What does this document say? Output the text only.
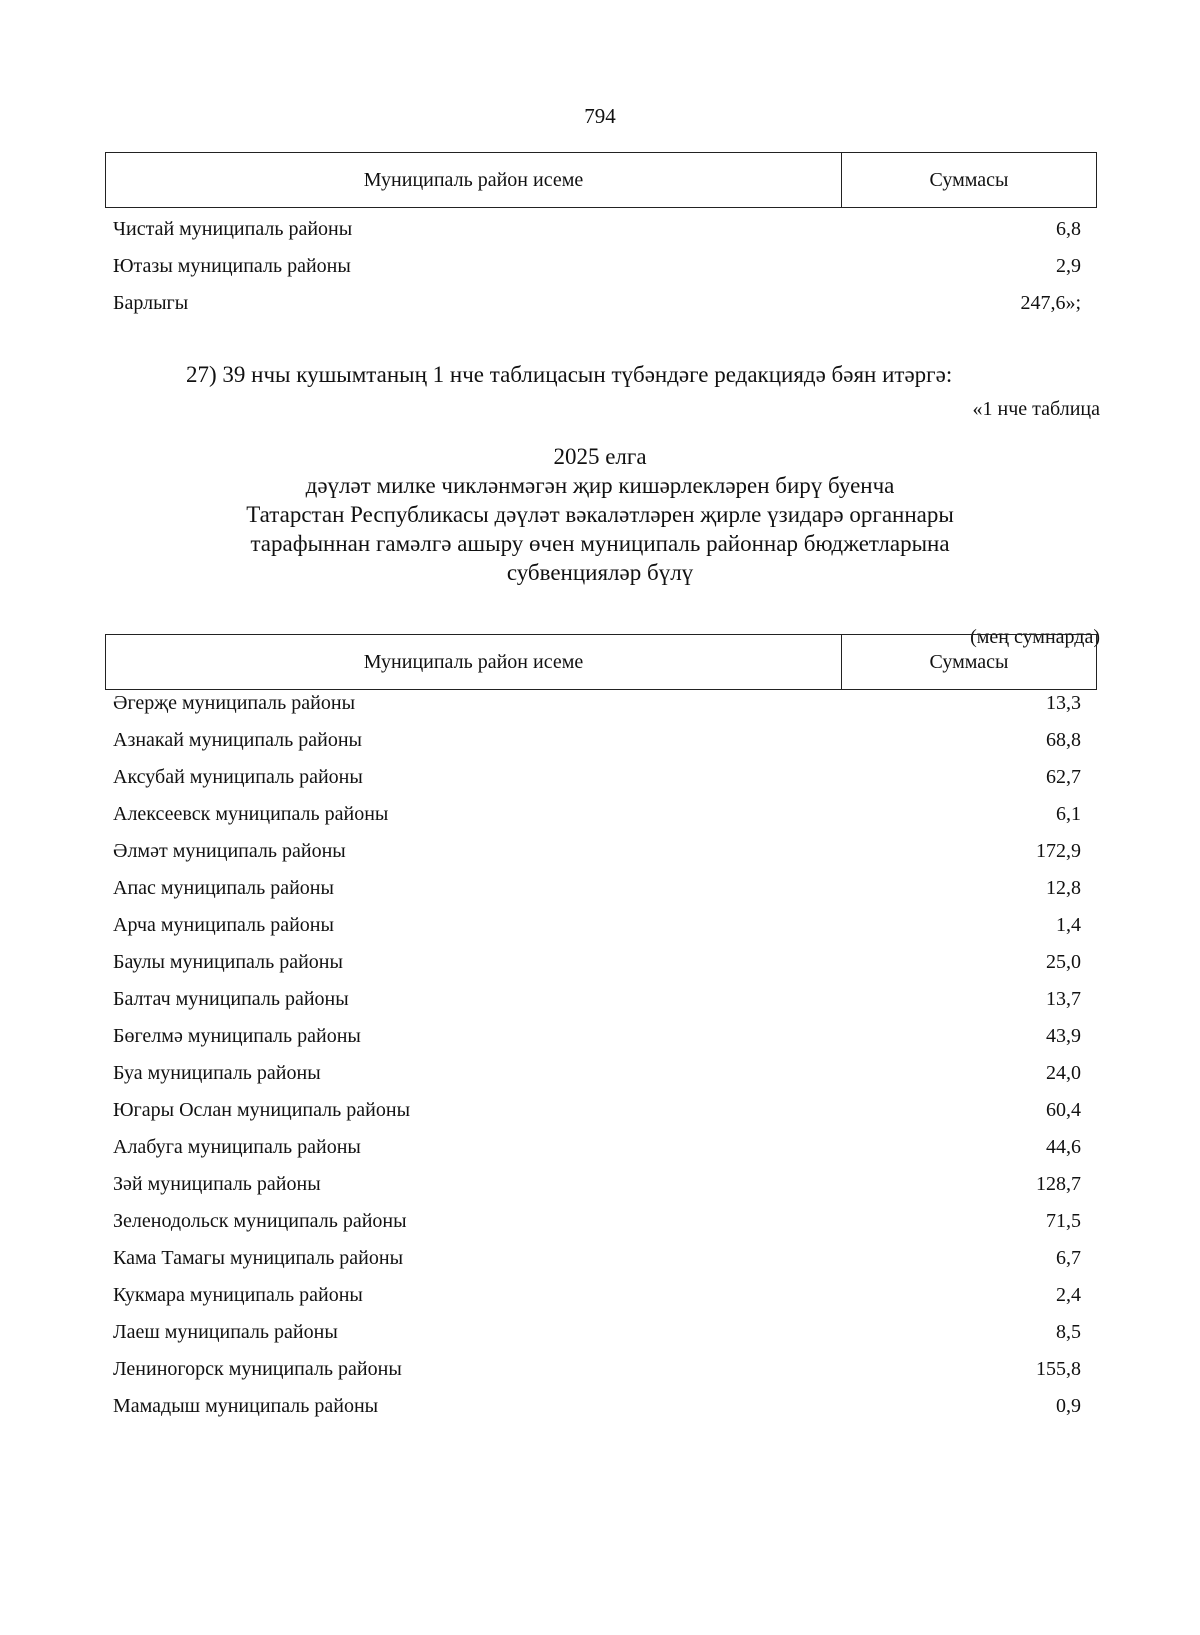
794
Муниципаль район исеме	Суммасы
Чистай муниципаль районы	6,8
Ютазы муниципаль районы	2,9
Барлыгы	247,6»;
27) 39 нчы кушымтаның 1 нче таблицасын түбәндәге редакциядә бәян итәргә:
«1 нче таблица
2025 елга
дәүләт милке чикләнмәгән җир кишәрлекләрен бирү буенча
Татарстан Республикасы дәүләт вәкаләтләрен җирле үзидарә органнары
тарафыннан гамәлгә ашыру өчен муниципаль районнар бюджетларына
субвенцияләр бүлү
(мең сумнарда)
Муниципаль район исеме	Суммасы
Әгерҗе муниципаль районы	13,3
Азнакай муниципаль районы	68,8
Аксубай муниципаль районы	62,7
Алексеевск муниципаль районы	6,1
Әлмәт муниципаль районы	172,9
Апас муниципаль районы	12,8
Арча муниципаль районы	1,4
Баулы муниципаль районы	25,0
Балтач муниципаль районы	13,7
Бөгелмә муниципаль районы	43,9
Буа муниципаль районы	24,0
Югары Ослан муниципаль районы	60,4
Алабуга муниципаль районы	44,6
Зәй муниципаль районы	128,7
Зеленодольск муниципаль районы	71,5
Кама Тамагы муниципаль районы	6,7
Кукмара муниципаль районы	2,4
Лаеш муниципаль районы	8,5
Лениногорск муниципаль районы	155,8
Мамадыш муниципаль районы	0,9
